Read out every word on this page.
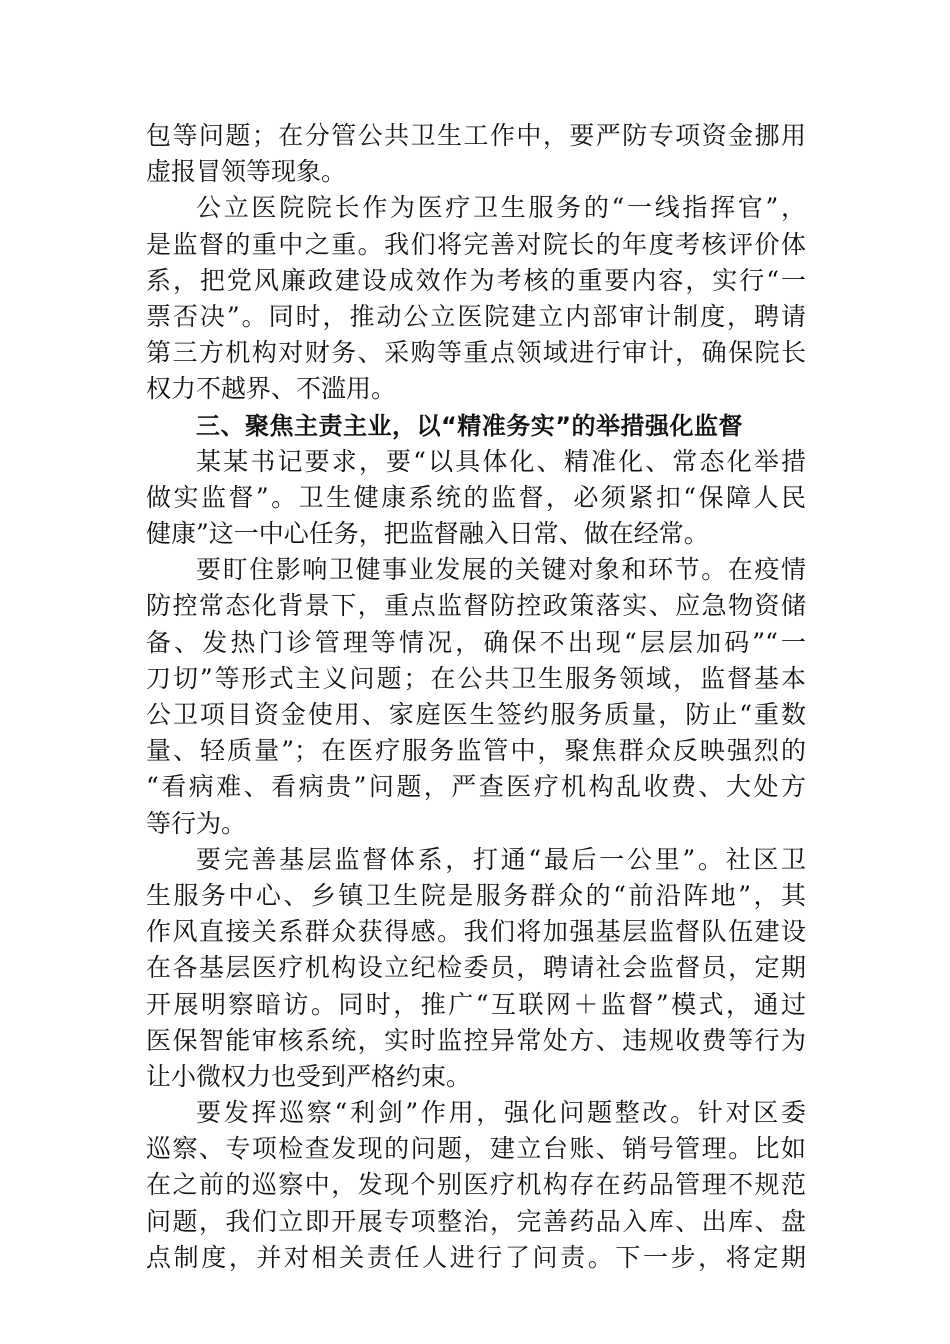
包等问题；在分管公共卫生工作中，要严防专项资金挪用
虚报冒领等现象。
公立医院院长作为医疗卫生服务的“一线指挥官”，
是监督的重中之重。我们将完善对院长的年度考核评价体
系，把党风廉政建设成效作为考核的重要内容，实行“一
票否决”。同时，推动公立医院建立内部审计制度，聘请
第三方机构对财务、采购等重点领域进行审计，确保院长
权力不越界、不滥用。
三、聚焦主责主业，以“精准务实”的举措强化监督
某某书记要求，要“以具体化、精准化、常态化举措
做实监督”。卫生健康系统的监督，必须紧扣“保障人民
健康”这一中心任务，把监督融入日常、做在经常。
要盯住影响卫健事业发展的关键对象和环节。在疫情
防控常态化背景下，重点监督防控政策落实、应急物资储
备、发热门诊管理等情况，确保不出现“层层加码”“一
刀切”等形式主义问题；在公共卫生服务领域，监督基本
公卫项目资金使用、家庭医生签约服务质量，防止“重数
量、轻质量”；在医疗服务监管中，聚焦群众反映强烈的
“看病难、看病贵”问题，严查医疗机构乱收费、大处方
等行为。
要完善基层监督体系，打通“最后一公里”。社区卫
生服务中心、乡镇卫生院是服务群众的“前沿阵地”，其
作风直接关系群众获得感。我们将加强基层监督队伍建设
在各基层医疗机构设立纪检委员，聘请社会监督员，定期
开展明察暗访。同时，推广“互联网＋监督”模式，通过
医保智能审核系统，实时监控异常处方、违规收费等行为
让小微权力也受到严格约束。
要发挥巡察“利剑”作用，强化问题整改。针对区委
巡察、专项检查发现的问题，建立台账、销号管理。比如
在之前的巡察中，发现个别医疗机构存在药品管理不规范
问题，我们立即开展专项整治，完善药品入库、出库、盘
点制度，并对相关责任人进行了问责。下一步，将定期
